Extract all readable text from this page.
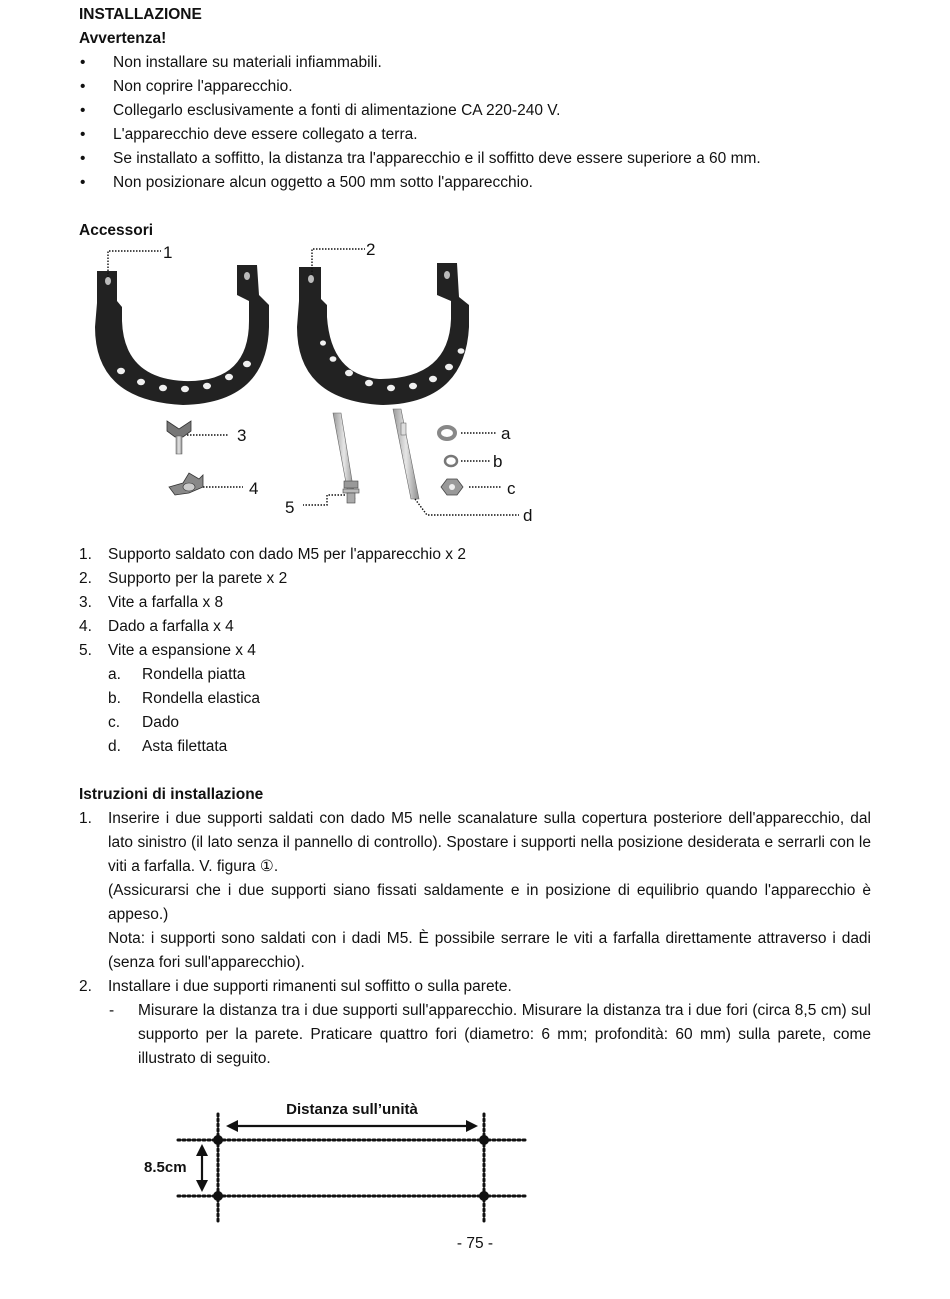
INSTALLAZIONE

Avvertenza!

• Non installare su materiali infiammabili.
• Non coprire l'apparecchio.
• Collegarlo esclusivamente a fonti di alimentazione CA 220-240 V.
• L'apparecchio deve essere collegato a terra.
• Se installato a soffitto, la distanza tra l'apparecchio e il soffitto deve essere superiore a 60 mm.
• Non posizionare alcun oggetto a 500 mm sotto l'apparecchio.

Accessori

1	2
3
4
5	d
a
b
c
1. Supporto saldato con dado M5 per l'apparecchio x 2
2. Supporto per la parete x 2
3. Vite a farfalla x 8
4. Dado a farfalla x 4
5. Vite a espansione x 4
a. Rondella piatta
b. Rondella elastica
c. Dado
d. Asta filettata

Istruzioni di installazione

1. Inserire i due supporti saldati con dado M5 nelle scanalature sulla copertura posteriore dell'apparecchio, dal lato sinistro (il lato senza il pannello di controllo). Spostare i supporti nella posizione desiderata e serrarli con le viti a farfalla. V. figura ①.
(Assicurarsi che i due supporti siano fissati saldamente e in posizione di equilibrio quando l'apparecchio è appeso.)
Nota: i supporti sono saldati con i dadi M5. È possibile serrare le viti a farfalla direttamente attraverso i dadi (senza fori sull'apparecchio).
2. Installare i due supporti rimanenti sul soffitto o sulla parete.
- Misurare la distanza tra i due supporti sull'apparecchio. Misurare la distanza tra i due fori (circa 8,5 cm) sul supporto per la parete. Praticare quattro fori (diametro: 6 mm; profondità: 60 mm) sulla parete, come illustrato di seguito.
Distanza sull’unità
8.5cm
- 75 -
